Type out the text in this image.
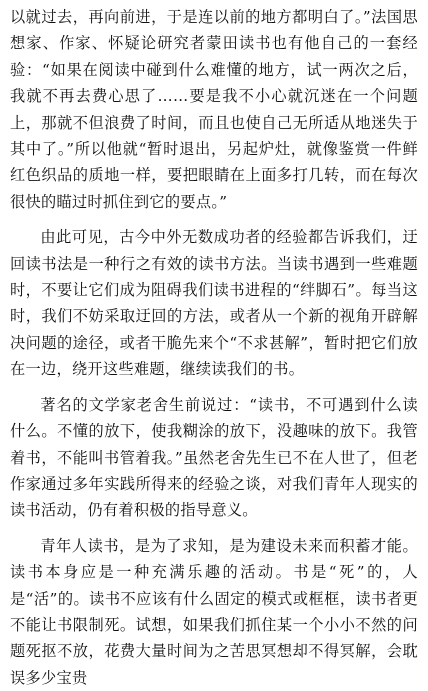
以就过去，再向前进，于是连以前的地方都明白了。”法国思想家、作家、怀疑论研究者蒙田读书也有他自己的一套经验：“如果在阅读中碰到什么难懂的地方，试一两次之后，我就不再去费心思了……要是我不小心就沉迷在一个问题上，那就不但浪费了时间，而且也使自己无所适从地迷失于其中了。”所以他就“暂时退出，另起炉灶，就像鉴赏一件鲜红色织品的质地一样，要把眼睛在上面多打几转，而在每次很快的瞄过时抓住到它的要点。”

由此可见，古今中外无数成功者的经验都告诉我们，迂回读书法是一种行之有效的读书方法。当读书遇到一些难题时，不要让它们成为阻碍我们读书进程的“绊脚石”。每当这时，我们不妨采取迂回的方法，或者从一个新的视角开辟解决问题的途径，或者干脆先来个“不求甚解”，暂时把它们放在一边，绕开这些难题，继续读我们的书。

著名的文学家老舍生前说过：“读书，不可遇到什么读什么。不懂的放下，使我糊涂的放下，没趣味的放下。我管着书，不能叫书管着我。”虽然老舍先生已不在人世了，但老作家通过多年实践所得来的经验之谈，对我们青年人现实的读书活动，仍有着积极的指导意义。

青年人读书，是为了求知，是为建设未来而积蓄才能。读书本身应是一种充满乐趣的活动。书是“死”的，人是“活”的。读书不应该有什么固定的模式或框框，读书者更不能让书限制死。试想，如果我们抓住某一个小小不然的问题死抠不放，花费大量时间为之苦思冥想却不得冥解，会耽误多少宝贵
